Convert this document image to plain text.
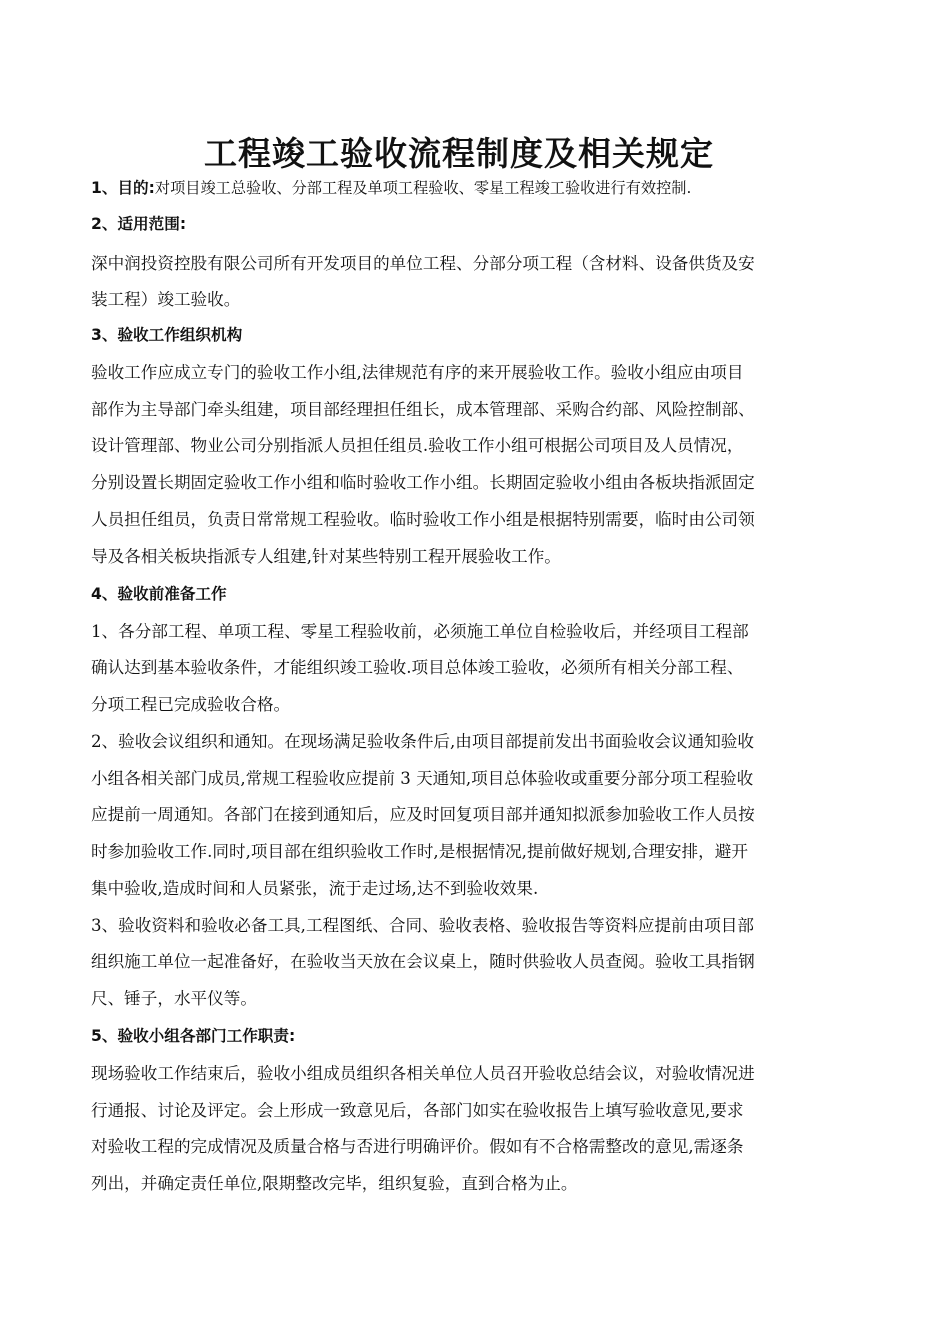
工程竣工验收流程制度及相关规定
1、目的:对项目竣工总验收、分部工程及单项工程验收、零星工程竣工验收进行有效控制.
2、适用范围:
深中润投资控股有限公司所有开发项目的单位工程、分部分项工程（含材料、设备供货及安
装工程）竣工验收。
3、验收工作组织机构
验收工作应成立专门的验收工作小组,法律规范有序的来开展验收工作。验收小组应由项目
部作为主导部门牵头组建，项目部经理担任组长，成本管理部、采购合约部、风险控制部、
设计管理部、物业公司分别指派人员担任组员.验收工作小组可根据公司项目及人员情况，
分别设置长期固定验收工作小组和临时验收工作小组。长期固定验收小组由各板块指派固定
人员担任组员，负责日常常规工程验收。临时验收工作小组是根据特别需要，临时由公司领
导及各相关板块指派专人组建,针对某些特别工程开展验收工作。
4、验收前准备工作
1、各分部工程、单项工程、零星工程验收前，必须施工单位自检验收后，并经项目工程部
确认达到基本验收条件，才能组织竣工验收.项目总体竣工验收，必须所有相关分部工程、
分项工程已完成验收合格。
2、验收会议组织和通知。在现场满足验收条件后,由项目部提前发出书面验收会议通知验收
小组各相关部门成员,常规工程验收应提前 3 天通知,项目总体验收或重要分部分项工程验收
应提前一周通知。各部门在接到通知后，应及时回复项目部并通知拟派参加验收工作人员按
时参加验收工作.同时,项目部在组织验收工作时,是根据情况,提前做好规划,合理安排，避开
集中验收,造成时间和人员紧张，流于走过场,达不到验收效果.
3、验收资料和验收必备工具,工程图纸、合同、验收表格、验收报告等资料应提前由项目部
组织施工单位一起准备好，在验收当天放在会议桌上，随时供验收人员查阅。验收工具指钢
尺、锤子，水平仪等。
5、验收小组各部门工作职责:
现场验收工作结束后，验收小组成员组织各相关单位人员召开验收总结会议，对验收情况进
行通报、讨论及评定。会上形成一致意见后，各部门如实在验收报告上填写验收意见,要求
对验收工程的完成情况及质量合格与否进行明确评价。假如有不合格需整改的意见,需逐条
列出，并确定责任单位,限期整改完毕，组织复验，直到合格为止。
